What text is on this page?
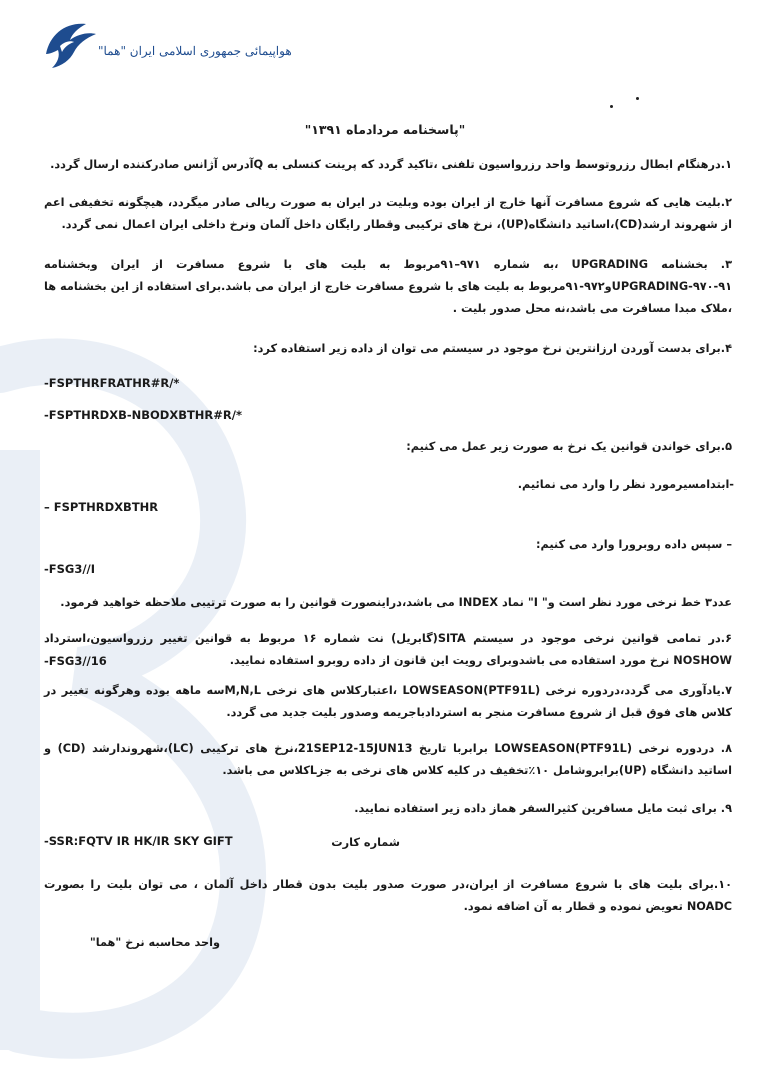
هواپیمائی جمهوری اسلامی ایران "هما"
"پاسخنامه مردادماه ۱۳۹۱"
۱.درهنگام ابطال رزروتوسط واحد رزرواسیون تلفنی ،تاکید گردد که پرینت کنسلی به Qآدرس آژانس صادرکننده ارسال گردد.
۲.بلیت هایی که شروع مسافرت آنها خارج از ایران بوده وبلیت در ایران به صورت ریالی صادر میگردد، هیچگونه تخفیفی اعم از شهروند ارشد(CD)،اساتید دانشگاه(UP)، نرخ های ترکیبی وقطار رایگان داخل آلمان ونرخ داخلی ایران اعمال نمی گردد.
۳. بخشنامه UPGRADING ،به شماره ۹۷۱–۹۱مربوط به بلیت های با شروع مسافرت از ایران وبخشنامه UPGRADING-۹۷۰-۹۱و۹۷۲-۹۱مربوط به بلیت های با شروع مسافرت خارج از ایران می باشد.برای استفاده از این بخشنامه ها ،ملاک مبدا مسافرت می باشد،نه محل صدور بلیت .
۴.برای بدست آوردن ارزانترین نرخ موجود در سیستم می توان از داده زیر استفاده کرد:
-FSPTHRFRATHR#R/*
-FSPTHRDXB-NBODXBTHR#R/*
۵.برای خواندن قوانین یک نرخ به صورت زیر عمل می کنیم:
-ابتدامسیرمورد نظر را وارد می نمائیم.
– FSPTHRDXBTHR
– سپس داده روبرورا وارد می کنیم:
-FSG3//I
عدد۳ خط نرخی مورد نظر است و" I" نماد INDEX می باشد،دراینصورت قوانین را به صورت ترتیبی ملاحظه خواهید فرمود.
۶.در تمامی قوانین نرخی موجود در سیستم SITA(گابریل) نت شماره ۱۶ مربوط به قوانین تغییر رزرواسیون،استرداد NOSHOW نرخ مورد استفاده می باشدوبرای رویت این قانون از داده روبرو استفاده نمایید.
-FSG3//16
۷.یادآوری می گردد،دردوره نرخی (PTF91L)LOWSEASON ،اعتبارکلاس های نرخی M,N,Lسه ماهه بوده وهرگونه تغییر در کلاس های فوق قبل از شروع مسافرت منجر به استردادباجریمه وصدور بلیت جدید می گردد.
۸. دردوره نرخی (PTF91L)LOWSEASON برابربا تاریخ 21SEP12-15JUN13،نرخ های ترکیبی (LC)،شهروندارشد (CD) و اساتید دانشگاه (UP)برابروشامل ۱۰٪تخفیف در کلیه کلاس های نرخی به جزLکلاس می باشد.
۹. برای ثبت مایل مسافرین کثیرالسفر هماز داده زیر استفاده نمایید.
شماره کارت
-SSR:FQTV IR HK/IR SKY GIFT
۱۰.برای بلیت های با شروع مسافرت از ایران،در صورت صدور بلیت بدون قطار داخل آلمان ، می توان بلیت را بصورت NOADC تعویض نموده و قطار به آن اضافه نمود.
واحد محاسبه نرخ "هما"
